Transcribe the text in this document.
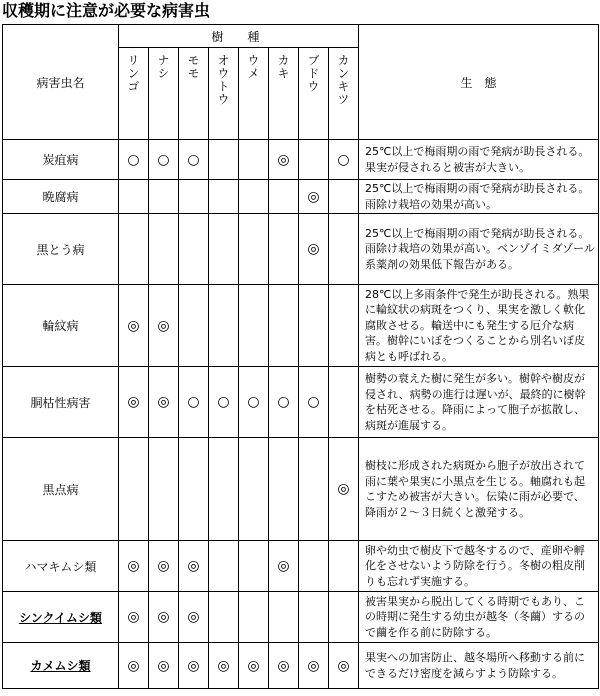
収穫期に注意が必要な病害虫
病害虫名	樹　種								生　態
	リンゴ	ナシ	モモ	オウトウ	ウメ	カキ	ブドウ	カンキツ	
炭疽病	○	○	○			◎		○	25℃以上で梅雨期の雨で発病が助長される。果実が侵されると被害が大きい。
晩腐病							◎		25℃以上で梅雨期の雨で発病が助長される。雨除け栽培の効果が高い。
黒とう病							◎		25℃以上で梅雨期の雨で発病が助長される。雨除け栽培の効果が高い。ベンゾイミダゾール系薬剤の効果低下報告がある。
輪紋病	◎	◎							28℃以上多雨条件で発生が助長される。熟果に輪紋状の病斑をつくり、果実を激しく軟化腐敗させる。輸送中にも発生する厄介な病害。樹幹にいぼをつくることから別名いぼ皮病とも呼ばれる。
胴枯性病害	◎	◎	○	○	○	○	○		樹勢の衰えた樹に発生が多い。樹幹や樹皮が侵され、病勢の進行は遅いが、最終的に樹幹を枯死させる。降雨によって胞子が拡散し、病斑が進展する。
黒点病								◎	樹枝に形成された病斑から胞子が放出されて雨に葉や果実に小黒点を生じる。軸腐れも起こすため被害が大きい。伝染に雨が必要で、降雨が２～３日続くと激発する。
ハマキムシ類	◎	◎	◎			◎			卵や幼虫で樹皮下で越冬するので、産卵や孵化をさせないよう防除を行う。冬樹の粗皮削りも忘れず実施する。
シンクイムシ類	◎	◎	◎						被害果実から脱出してくる時期でもあり、この時期に発生する幼虫が越冬（冬繭）するので繭を作る前に防除する。
カメムシ類	◎	◎	◎	◎	◎	◎	◎	◎	果実への加害防止、越冬場所へ移動する前にできるだけ密度を減らすよう防除する。
